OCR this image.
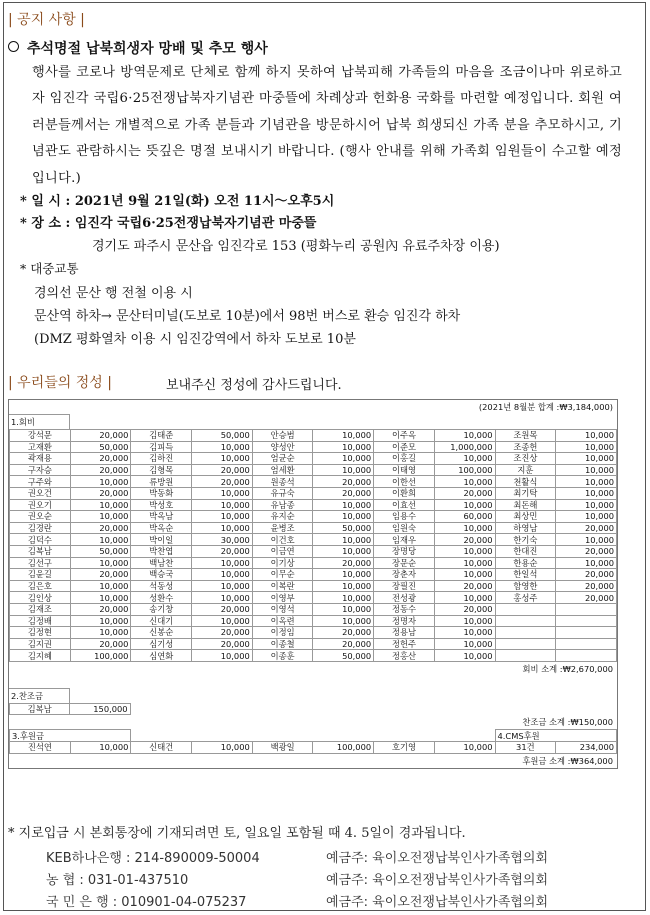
| 공지 사항 |
추석명절 납북희생자 망배 및 추모 행사
행사를 코로나 방역문제로 단체로 함께 하지 못하여 납북피해 가족들의 마음을 조금이나마 위로하고자 임진각 국립6·25전쟁납북자기념관 마중뜰에 차례상과 헌화용 국화를 마련할 예정입니다. 회원 여러분들께서는 개별적으로 가족 분들과 기념관을 방문하시어 납북 희생되신 가족 분을 추모하시고, 기념관도 관람하시는 뜻깊은 명절 보내시기 바랍니다. (행사 안내를 위해 가족회 임원들이 수고할 예정입니다.)
* 일 시 : 2021년 9월 21일(화) 오전 11시～오후5시
* 장 소 : 임진각 국립6·25전쟁납북자기념관 마중뜰
경기도 파주시 문산읍 임진각로 153 (평화누리 공원內 유료주차장 이용)
* 대중교통
경의선 문산 행 전철 이용 시
문산역 하차→ 문산터미널(도보로 10분)에서 98번 버스로 환승 임진각 하차
(DMZ 평화열차 이용 시 임진강역에서 하차 도보로 10분
| 우리들의 정성 |	보내주신 정성에 감사드립니다.
(2021년 8월분 합계 :₩3,184,000)
1.회비
강석문	20,000	김태준	50,000	안승범	10,000	이주옥	10,000	조원목	10,000
고재환	50,000	김피득	10,000	양성안	10,000	이준모	1,000,000	조종헌	10,000
곽재용	20,000	김하진	10,000	엄균순	10,000	이홍길	10,000	조진상	10,000
구자승	20,000	김형목	20,000	엄세환	10,000	이태영	100,000	지훈	10,000
구주와	10,000	류방원	20,000	원종석	20,000	이한선	10,000	천활식	10,000
권오건	20,000	박동화	10,000	유규숙	20,000	이환희	20,000	최기탁	10,000
권오기	10,000	박성호	10,000	유남종	10,000	이효선	10,000	최돈해	10,000
권오순	10,000	박옥남	10,000	유지순	10,000	임용수	60,000	최상민	10,000
김경란	20,000	박옥순	10,000	윤병조	50,000	임원숙	10,000	하영남	20,000
김덕수	10,000	박이일	30,000	이건호	10,000	임재우	20,000	한기숙	10,000
김복남	50,000	박찬엽	20,000	이금연	10,000	장명당	10,000	한대진	20,000
김선구	10,000	백남찬	10,000	이기상	20,000	장문순	10,000	한용순	10,000
김윤길	20,000	백승국	10,000	이무순	10,000	장춘자	10,000	한일석	20,000
김은호	10,000	석동성	10,000	이복란	10,000	장필진	20,000	함영한	20,000
김인상	10,000	성환수	10,000	이영부	10,000	전성광	10,000	홍성주	20,000
김재조	20,000	송기창	20,000	이영석	10,000	정동수	20,000		
김정배	10,000	신대기	10,000	이옥련	10,000	정명자	10,000		
김정현	10,000	신봉순	20,000	이정임	20,000	정용남	10,000		
김지권	20,000	심기성	20,000	이종철	20,000	정헌주	10,000		
김지혜	100,000	심연화	10,000	이종훈	50,000	정홍산	10,000		
회비 소계 :₩2,670,000
2.찬조금
김복남	150,000
찬조금 소계 :₩150,000
3.후원금								4.CMS후원	
진석연	10,000	신태건	10,000	백광일	100,000	호기영	10,000	31건	234,000
후원금 소계 :₩364,000
* 지로입금 시 본회통장에 기재되려면 토, 일요일 포함될 때 4. 5일이 경과됩니다.
KEB하나은행 : 214-890009-50004	예금주: 육이오전쟁납북인사가족협의회
농 협 : 031-01-437510	예금주: 육이오전쟁납북인사가족협의회
국 민 은 행 : 010901-04-075237	예금주: 육이오전쟁납북인사가족협의회
